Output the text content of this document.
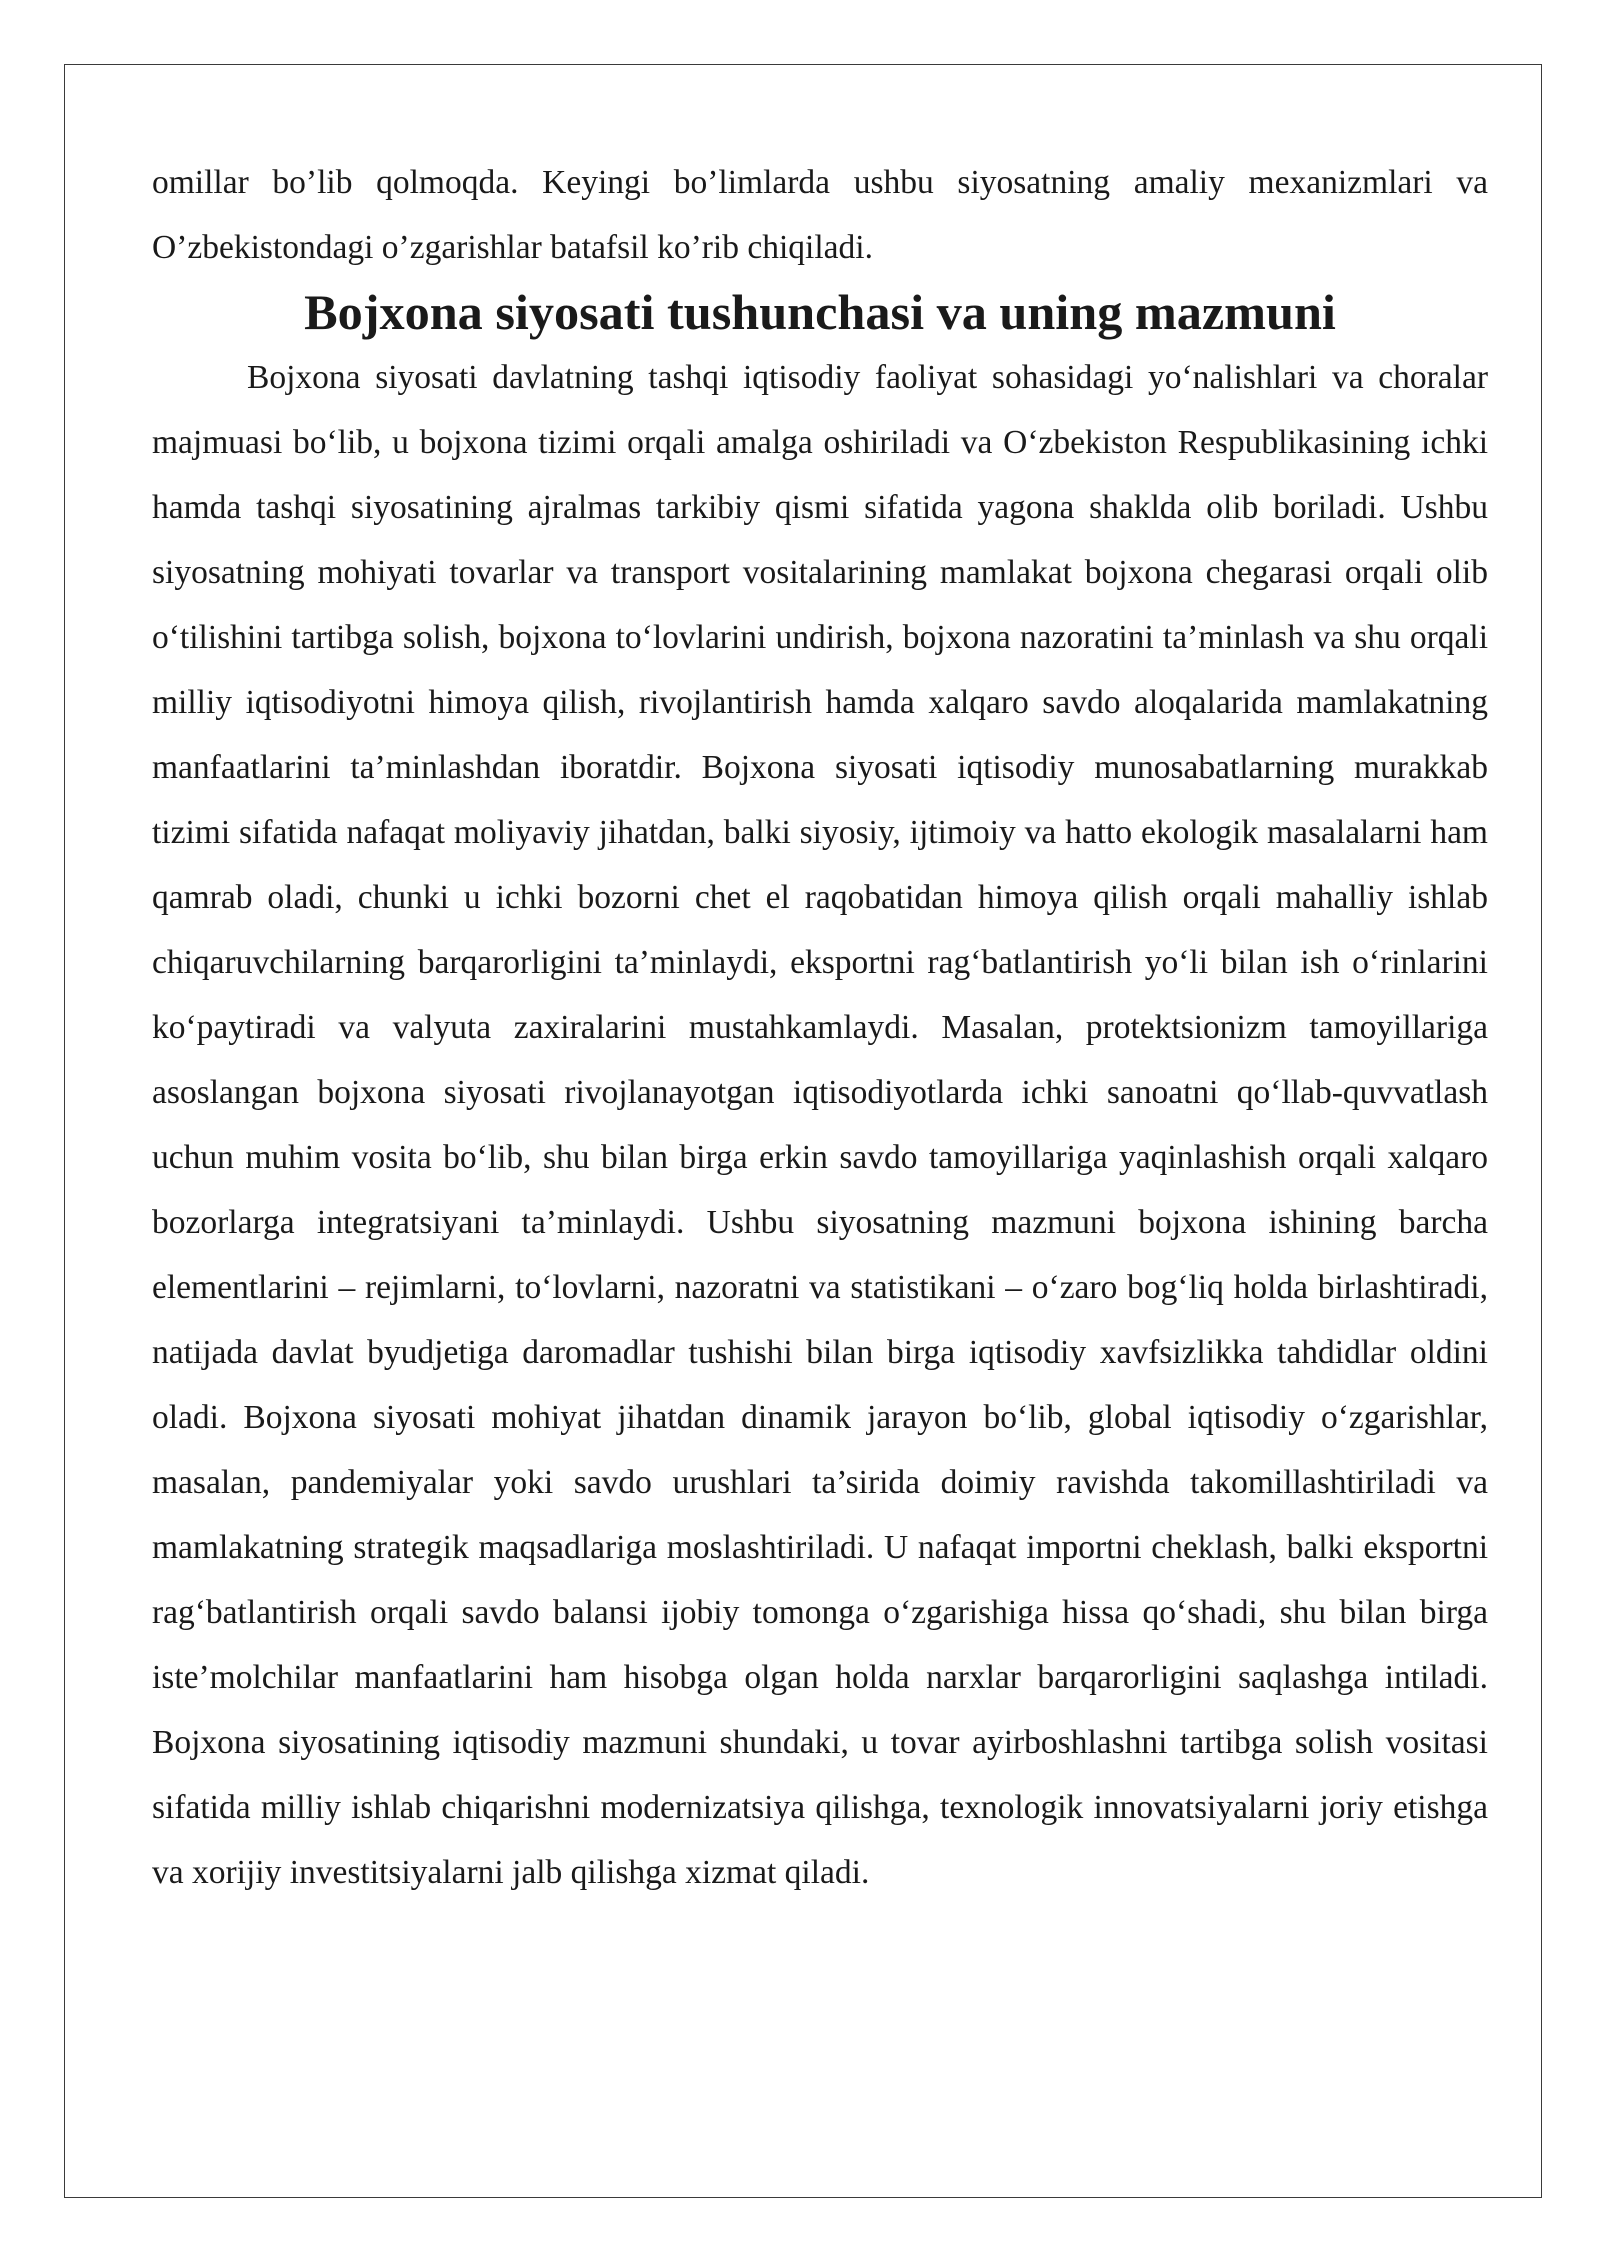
omillar bo’lib qolmoqda. Keyingi bo’limlarda ushbu siyosatning amaliy mexanizmlari va O’zbekistondagi o’zgarishlar batafsil ko’rib chiqiladi.

Bojxona siyosati tushunchasi va uning mazmuni

Bojxona siyosati davlatning tashqi iqtisodiy faoliyat sohasidagi yo‘nalishlari va choralar majmuasi bo‘lib, u bojxona tizimi orqali amalga oshiriladi va O‘zbekiston Respublikasining ichki hamda tashqi siyosatining ajralmas tarkibiy qismi sifatida yagona shaklda olib boriladi. Ushbu siyosatning mohiyati tovarlar va transport vositalarining mamlakat bojxona chegarasi orqali olib o‘tilishini tartibga solish, bojxona to‘lovlarini undirish, bojxona nazoratini ta’minlash va shu orqali milliy iqtisodiyotni himoya qilish, rivojlantirish hamda xalqaro savdo aloqalarida mamlakatning manfaatlarini ta’minlashdan iboratdir. Bojxona siyosati iqtisodiy munosabatlarning murakkab tizimi sifatida nafaqat moliyaviy jihatdan, balki siyosiy, ijtimoiy va hatto ekologik masalalarni ham qamrab oladi, chunki u ichki bozorni chet el raqobatidan himoya qilish orqali mahalliy ishlab chiqaruvchilarning barqarorligini ta’minlaydi, eksportni rag‘batlantirish yo‘li bilan ish o‘rinlarini ko‘paytiradi va valyuta zaxiralarini mustahkamlaydi. Masalan, protektsionizm tamoyillariga asoslangan bojxona siyosati rivojlanayotgan iqtisodiyotlarda ichki sanoatni qo‘llab-quvvatlash uchun muhim vosita bo‘lib, shu bilan birga erkin savdo tamoyillariga yaqinlashish orqali xalqaro bozorlarga integratsiyani ta’minlaydi. Ushbu siyosatning mazmuni bojxona ishining barcha elementlarini – rejimlarni, to‘lovlarni, nazoratni va statistikani – o‘zaro bog‘liq holda birlashtiradi, natijada davlat byudjetiga daromadlar tushishi bilan birga iqtisodiy xavfsizlikka tahdidlar oldini oladi. Bojxona siyosati mohiyat jihatdan dinamik jarayon bo‘lib, global iqtisodiy o‘zgarishlar, masalan, pandemiyalar yoki savdo urushlari ta’sirida doimiy ravishda takomillashtiriladi va mamlakatning strategik maqsadlariga moslashtiriladi. U nafaqat importni cheklash, balki eksportni rag‘batlantirish orqali savdo balansi ijobiy tomonga o‘zgarishiga hissa qo‘shadi, shu bilan birga iste’molchilar manfaatlarini ham hisobga olgan holda narxlar barqarorligini saqlashga intiladi. Bojxona siyosatining iqtisodiy mazmuni shundaki, u tovar ayirboshlashni tartibga solish vositasi sifatida milliy ishlab chiqarishni modernizatsiya qilishga, texnologik innovatsiyalarni joriy etishga va xorijiy investitsiyalarni jalb qilishga xizmat qiladi.
